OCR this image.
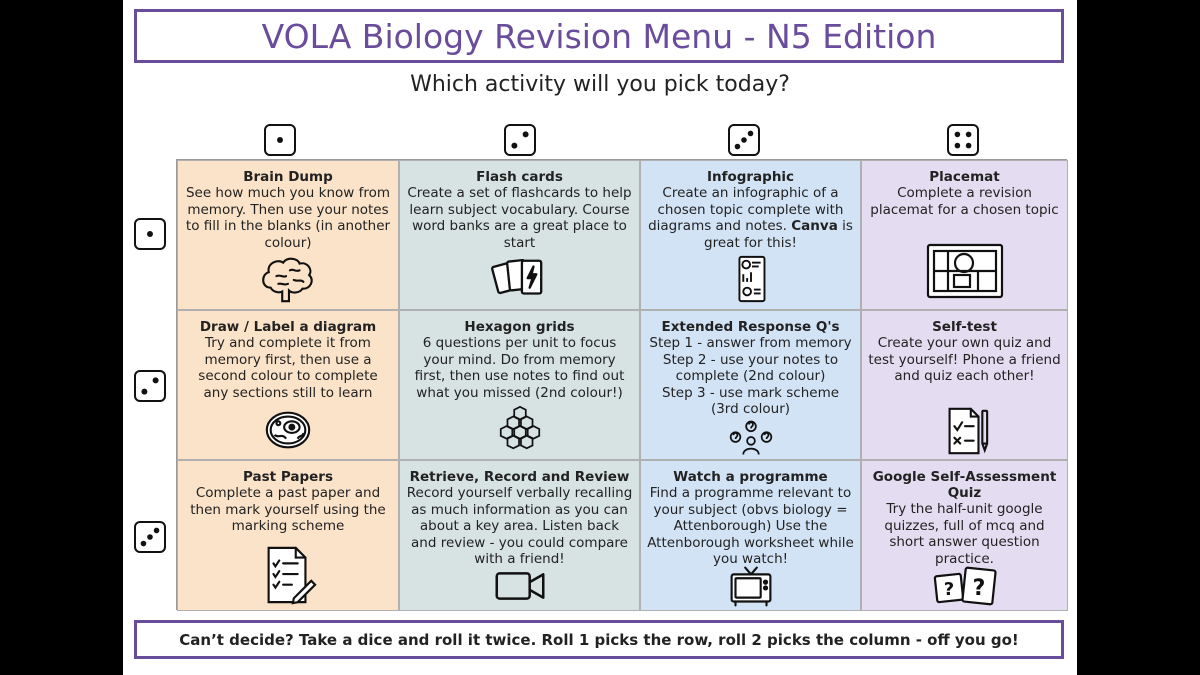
VOLA Biology Revision Menu - N5 Edition
Which activity will you pick today?
Brain Dump
See how much you know from memory. Then use your notes to fill in the blanks (in another colour)
Flash cards
Create a set of flashcards to help learn subject vocabulary. Course word banks are a great place to start
Infographic
Create an infographic of a chosen topic complete with diagrams and notes. Canva is great for this!
Placemat
Complete a revision placemat for a chosen topic
Draw / Label a diagram
Try and complete it from memory first, then use a second colour to complete any sections still to learn
Hexagon grids
6 questions per unit to focus your mind. Do from memory first, then use notes to find out what you missed (2nd colour!)
Extended Response Q's
Step 1 - answer from memory
Step 2 - use your notes to complete (2nd colour)
Step 3 - use mark scheme (3rd colour)
Self-test
Create your own quiz and test yourself! Phone a friend and quiz each other!
Past Papers
Complete a past paper and then mark yourself using the marking scheme
Retrieve, Record and Review
Record yourself verbally recalling as much information as you can about a key area. Listen back and review - you could compare with a friend!
Watch a programme
Find a programme relevant to your subject (obvs biology = Attenborough) Use the Attenborough worksheet while you watch!
Google Self-Assessment Quiz
Try the half-unit google quizzes, full of mcq and short answer question practice.
? ?
Can’t decide? Take a dice and roll it twice. Roll 1 picks the row, roll 2 picks the column - off you go!
